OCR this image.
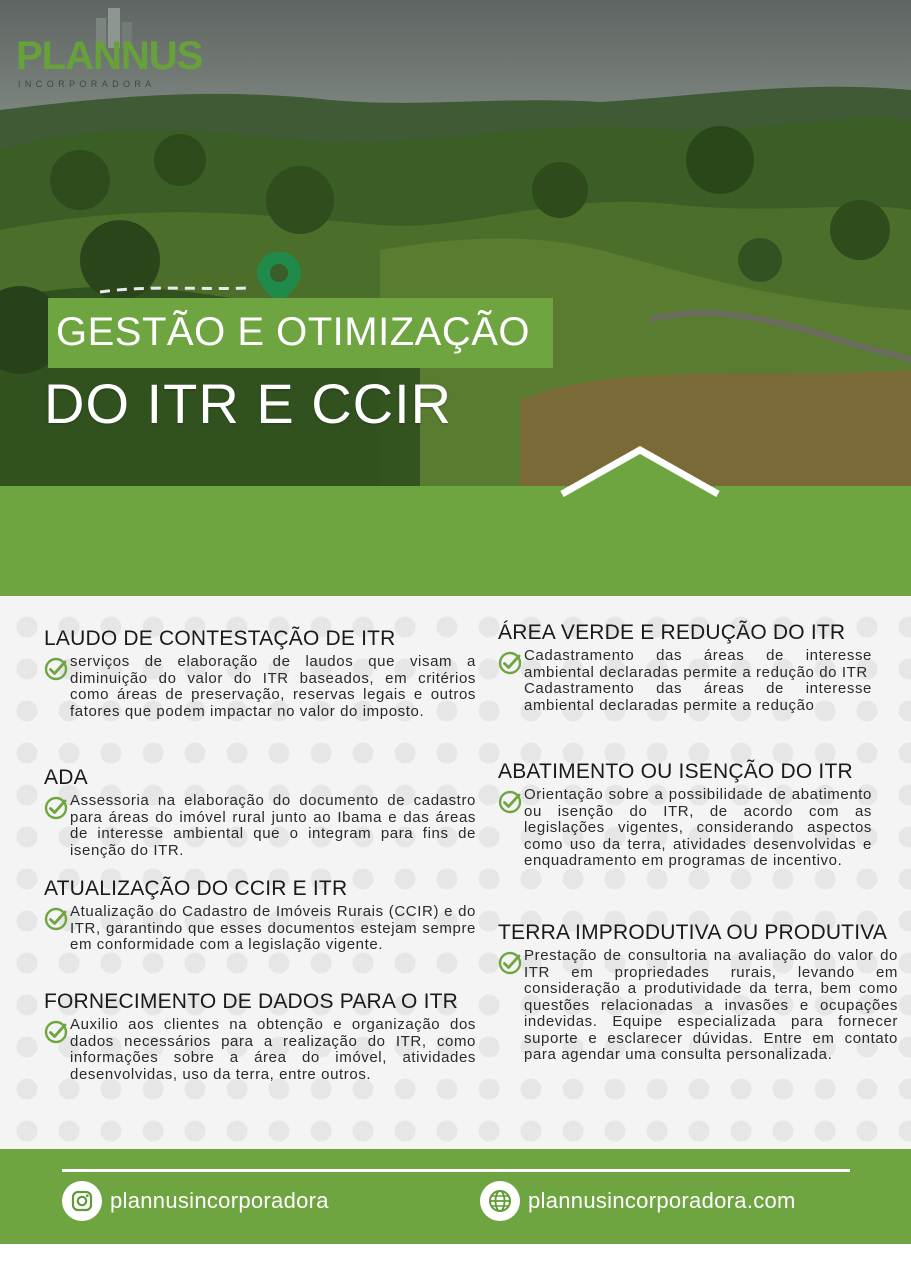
PLANNUS
INCORPORADORA
GESTÃO E OTIMIZAÇÃO
DO ITR E CCIR
LAUDO DE CONTESTAÇÃO DE ITR

serviços de elaboração de laudos que visam a diminuição do valor do ITR baseados, em critérios como áreas de preservação, reservas legais e outros fatores que podem impactar no valor do imposto.

ADA

Assessoria na elaboração do documento de cadastro para áreas do imóvel rural junto ao Ibama e das áreas de interesse ambiental que o integram para fins de isenção do ITR.

ATUALIZAÇÃO DO CCIR E ITR

Atualização do Cadastro de Imóveis Rurais (CCIR) e do ITR, garantindo que esses documentos estejam sempre em conformidade com a legislação vigente.

FORNECIMENTO DE DADOS PARA O ITR

Auxilio aos clientes na obtenção e organização dos dados necessários para a realização do ITR, como informações sobre a área do imóvel, atividades desenvolvidas, uso da terra, entre outros.

ÁREA VERDE E REDUÇÃO DO ITR

Cadastramento das áreas de interesse ambiental declaradas permite a redução do ITR

Cadastramento das áreas de interesse ambiental declaradas permite a redução

ABATIMENTO OU ISENÇÃO DO ITR

Orientação sobre a possibilidade de abatimento ou isenção do ITR, de acordo com as legislações vigentes, considerando aspectos como uso da terra, atividades desenvolvidas e enquadramento em programas de incentivo.

TERRA IMPRODUTIVA OU PRODUTIVA

Prestação de consultoria na avaliação do valor do ITR em propriedades rurais, levando em consideração a produtividade da terra, bem como questões relacionadas a invasões e ocupações indevidas. Equipe especializada para fornecer suporte e esclarecer dúvidas. Entre em contato para agendar uma consulta personalizada.

plannusincorporadora	plannusincorporadora.com
